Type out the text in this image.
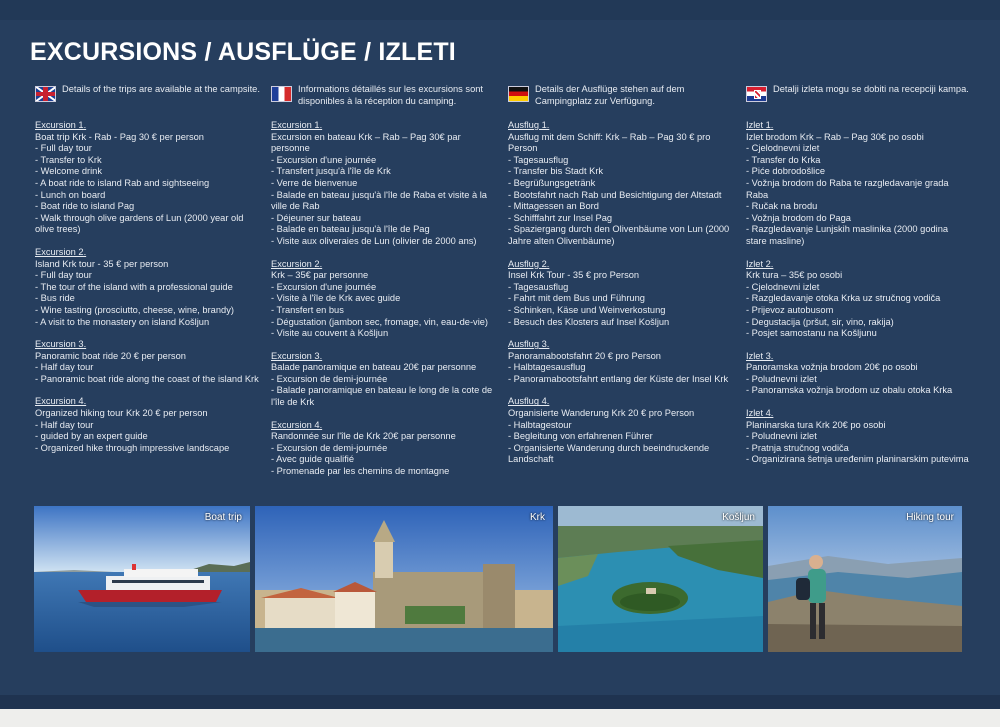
EXCURSIONS / AUSFLÜGE / IZLETI
Details of the trips are available at the campsite.
Excursion 1.
Boat trip Krk - Rab - Pag 30 € per person
- Full day tour
- Transfer to Krk
- Welcome drink
- A boat ride to island Rab and sightseeing
- Lunch on board
- Boat ride to island Pag
- Walk through olive gardens of Lun (2000 year old olive trees)
Excursion 2.
Island Krk tour - 35 € per person
- Full day tour
- The tour of the island with a professional guide
- Bus ride
- Wine tasting (prosciutto, cheese, wine, brandy)
- A visit to the monastery on island Košljun
Excursion 3.
Panoramic boat ride 20 € per person
- Half day tour
- Panoramic boat ride along the coast of the island Krk
Excursion 4.
Organized hiking tour Krk 20 € per person
- Half day tour
- guided by an expert guide
- Organized hike through impressive landscape
Informations détaillés sur les excursions sont disponibles à la réception du camping.
Excursion 1.
Excursion en bateau Krk – Rab – Pag 30€ par personne
- Excursion d'une journée
- Transfert jusqu'à l'île de Krk
- Verre de bienvenue
- Balade en bateau jusqu'à l'île de Raba et visite à la ville de Rab
- Déjeuner sur bateau
- Balade en bateau jusqu'à l'île de Pag
- Visite aux oliveraies de Lun (olivier de 2000 ans)
Excursion 2.
Krk – 35€ par personne
- Excursion d'une journée
- Visite à l'île de Krk avec guide
- Transfert en bus
- Dégustation (jambon sec, fromage, vin, eau-de-vie)
- Visite au couvent à Košljun
Excursion 3.
Balade panoramique en bateau 20€ par personne
- Excursion de demi-journée
- Balade panoramique en bateau le long de la cote de l'île de Krk
Excursion 4.
Randonnée sur l'île de Krk 20€ par personne
- Excursion de demi-journée
- Avec guide qualifié
- Promenade par les chemins de montagne
Details der Ausflüge stehen auf dem Campingplatz zur Verfügung.
Ausflug 1.
Ausflug mit dem Schiff: Krk – Rab – Pag 30 € pro Person
- Tagesausflug
- Transfer bis Stadt Krk
- Begrüßungsgetränk
- Bootsfahrt nach Rab und Besichtigung der Altstadt
- Mittagessen an Bord
- Schifffahrt zur Insel Pag
- Spaziergang durch den Olivenbäume von Lun (2000 Jahre alten Olivenbäume)
Ausflug 2.
Insel Krk Tour - 35 € pro Person
- Tagesausflug
- Fahrt mit dem Bus und Führung
- Schinken, Käse und Weinverkostung
- Besuch des Klosters auf Insel Košljun
Ausflug 3.
Panoramabootsfahrt 20 € pro Person
- Halbtagesausflug
- Panoramabootsfahrt entlang der Küste der Insel Krk
Ausflug 4.
Organisierte Wanderung Krk 20 € pro Person
- Halbtagestour
- Begleitung von erfahrenen Führer
- Organisierte Wanderung durch beeindruckende Landschaft
Detalji izleta mogu se dobiti na recepciji kampa.
Izlet 1.
Izlet brodom Krk – Rab – Pag 30€ po osobi
- Cjelodnevni izlet
- Transfer do Krka
- Piće dobrodošlice
- Vožnja brodom do Raba te razgledavanje grada Raba
- Ručak na brodu
- Vožnja brodom do Paga
- Razgledavanje Lunjskih maslinika (2000 godina stare masline)
Izlet 2.
Krk tura – 35€ po osobi
- Cjelodnevni izlet
- Razgledavanje otoka Krka uz stručnog vodiča
- Prijevoz autobusom
- Degustacija (pršut, sir, vino, rakija)
- Posjet samostanu na Košljunu
Izlet 3.
Panoramska vožnja brodom 20€ po osobi
- Poludnevni izlet
- Panoramska vožnja brodom uz obalu otoka Krka
Izlet 4.
Planinarska tura Krk 20€ po osobi
- Poludnevni izlet
- Pratnja stručnog vodiča
- Organizirana šetnja uređenim planinarskim putevima
Boat trip	Krk	Košljun	Hiking tour
